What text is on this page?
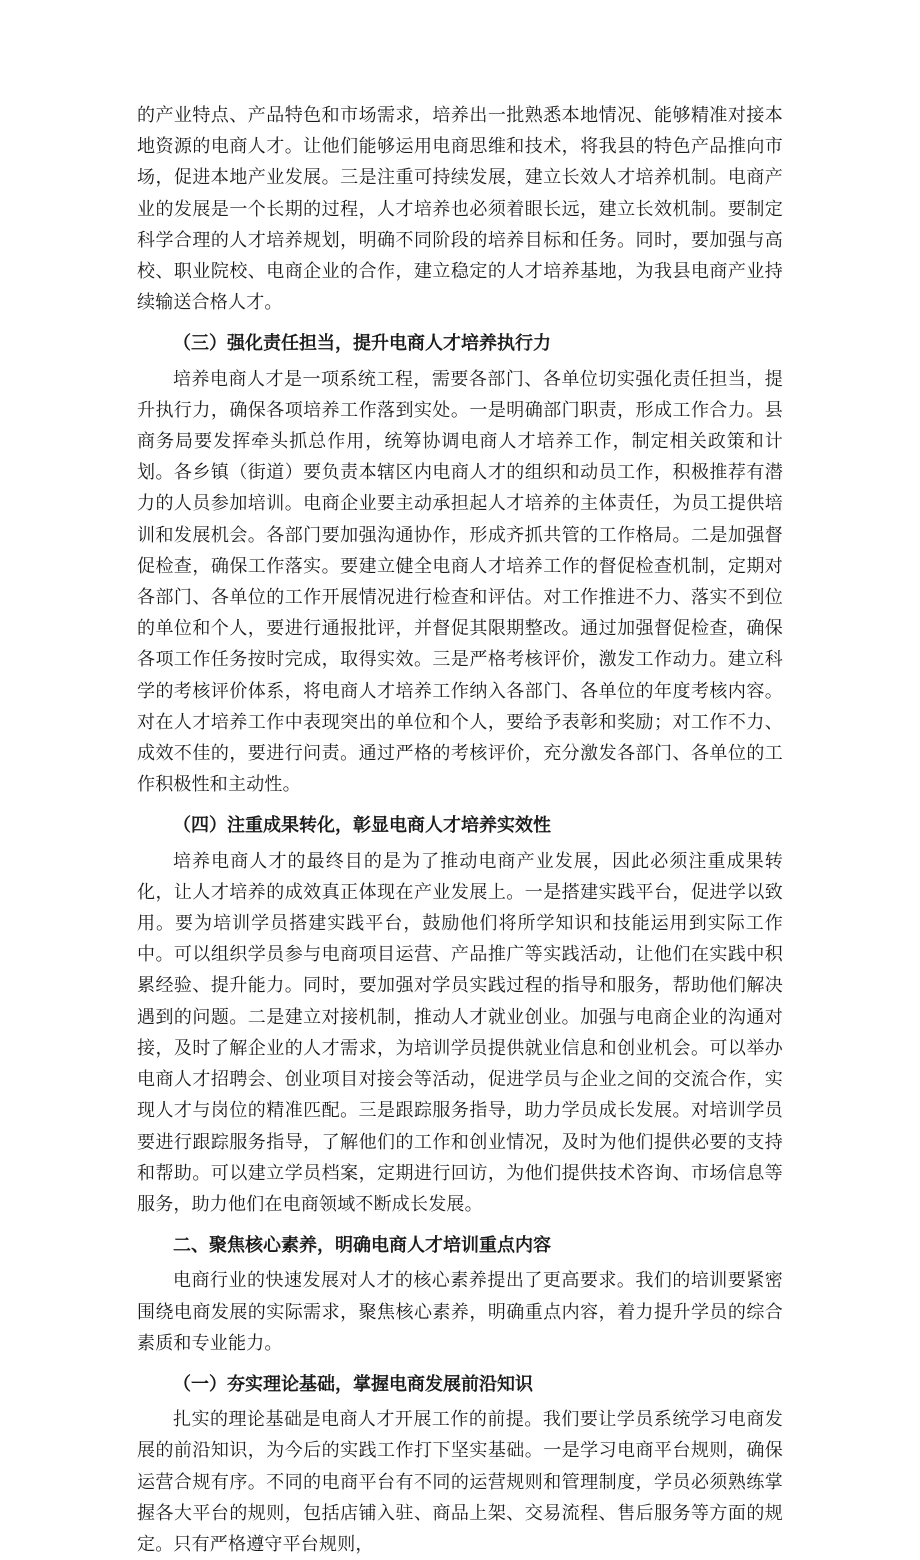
的产业特点、产品特色和市场需求，培养出一批熟悉本地情况、能够精准对接本地资源的电商人才。让他们能够运用电商思维和技术，将我县的特色产品推向市场，促进本地产业发展。三是注重可持续发展，建立长效人才培养机制。电商产业的发展是一个长期的过程，人才培养也必须着眼长远，建立长效机制。要制定科学合理的人才培养规划，明确不同阶段的培养目标和任务。同时，要加强与高校、职业院校、电商企业的合作，建立稳定的人才培养基地，为我县电商产业持续输送合格人才。

（三）强化责任担当，提升电商人才培养执行力

培养电商人才是一项系统工程，需要各部门、各单位切实强化责任担当，提升执行力，确保各项培养工作落到实处。一是明确部门职责，形成工作合力。县商务局要发挥牵头抓总作用，统筹协调电商人才培养工作，制定相关政策和计划。各乡镇（街道）要负责本辖区内电商人才的组织和动员工作，积极推荐有潜力的人员参加培训。电商企业要主动承担起人才培养的主体责任，为员工提供培训和发展机会。各部门要加强沟通协作，形成齐抓共管的工作格局。二是加强督促检查，确保工作落实。要建立健全电商人才培养工作的督促检查机制，定期对各部门、各单位的工作开展情况进行检查和评估。对工作推进不力、落实不到位的单位和个人，要进行通报批评，并督促其限期整改。通过加强督促检查，确保各项工作任务按时完成，取得实效。三是严格考核评价，激发工作动力。建立科学的考核评价体系，将电商人才培养工作纳入各部门、各单位的年度考核内容。对在人才培养工作中表现突出的单位和个人，要给予表彰和奖励；对工作不力、成效不佳的，要进行问责。通过严格的考核评价，充分激发各部门、各单位的工作积极性和主动性。

（四）注重成果转化，彰显电商人才培养实效性

培养电商人才的最终目的是为了推动电商产业发展，因此必须注重成果转化，让人才培养的成效真正体现在产业发展上。一是搭建实践平台，促进学以致用。要为培训学员搭建实践平台，鼓励他们将所学知识和技能运用到实际工作中。可以组织学员参与电商项目运营、产品推广等实践活动，让他们在实践中积累经验、提升能力。同时，要加强对学员实践过程的指导和服务，帮助他们解决遇到的问题。二是建立对接机制，推动人才就业创业。加强与电商企业的沟通对接，及时了解企业的人才需求，为培训学员提供就业信息和创业机会。可以举办电商人才招聘会、创业项目对接会等活动，促进学员与企业之间的交流合作，实现人才与岗位的精准匹配。三是跟踪服务指导，助力学员成长发展。对培训学员要进行跟踪服务指导，了解他们的工作和创业情况，及时为他们提供必要的支持和帮助。可以建立学员档案，定期进行回访，为他们提供技术咨询、市场信息等服务，助力他们在电商领域不断成长发展。

二、聚焦核心素养，明确电商人才培训重点内容

电商行业的快速发展对人才的核心素养提出了更高要求。我们的培训要紧密围绕电商发展的实际需求，聚焦核心素养，明确重点内容，着力提升学员的综合素质和专业能力。

（一）夯实理论基础，掌握电商发展前沿知识

扎实的理论基础是电商人才开展工作的前提。我们要让学员系统学习电商发展的前沿知识，为今后的实践工作打下坚实基础。一是学习电商平台规则，确保运营合规有序。不同的电商平台有不同的运营规则和管理制度，学员必须熟练掌握各大平台的规则，包括店铺入驻、商品上架、交易流程、售后服务等方面的规定。只有严格遵守平台规则，
